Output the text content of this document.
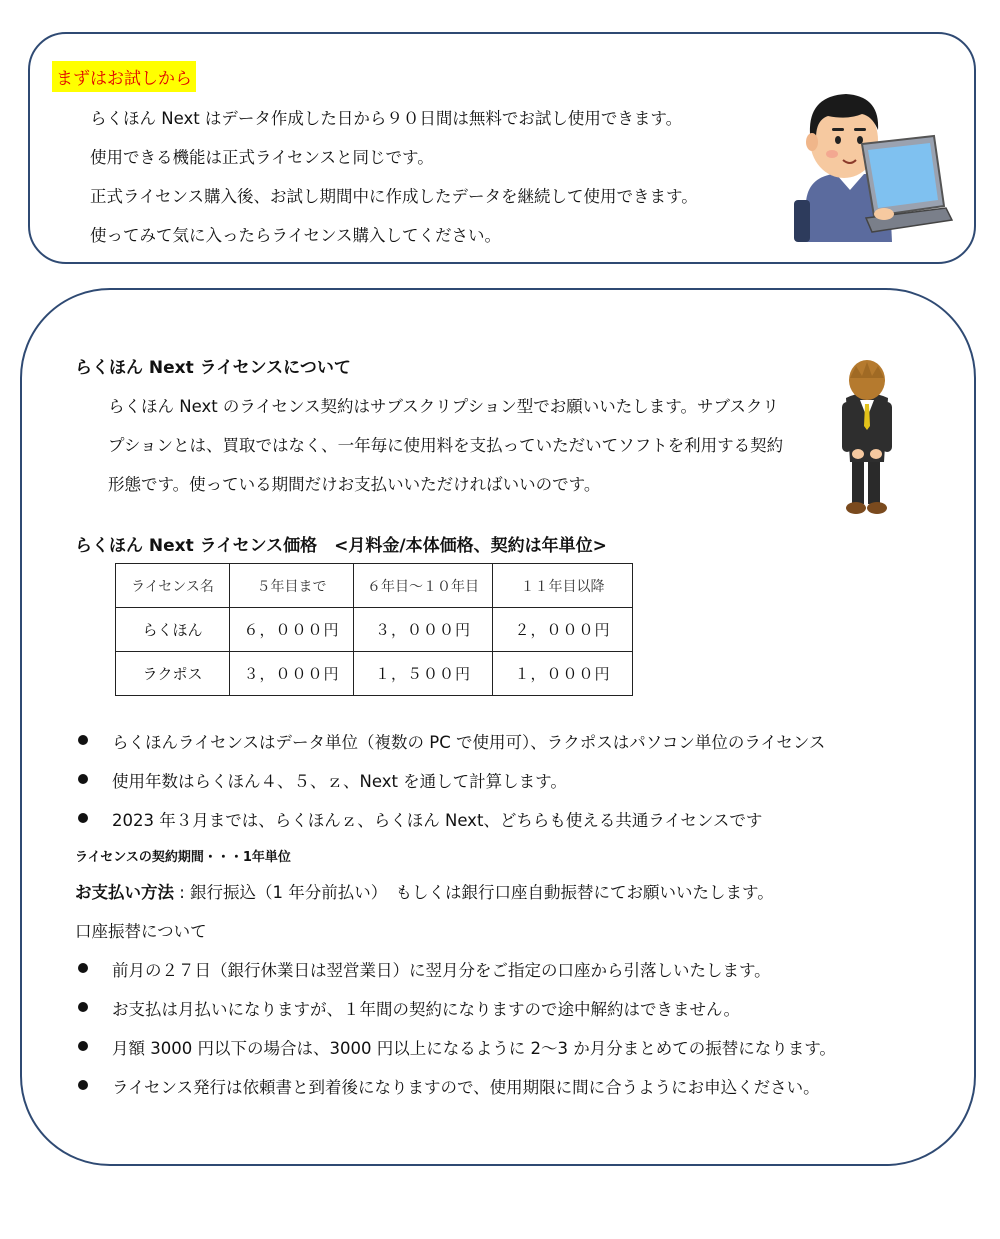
まずはお試しから
らくほん Next はデータ作成した日から９０日間は無料でお試し使用できます。
使用できる機能は正式ライセンスと同じです。
正式ライセンス購入後、お試し期間中に作成したデータを継続して使用できます。
使ってみて気に入ったらライセンス購入してください。
らくほん Next ライセンスについて
らくほん Next のライセンス契約はサブスクリプション型でお願いいたします。サブスクリ
プションとは、買取ではなく、一年毎に使用料を支払っていただいてソフトを利用する契約
形態です。使っている期間だけお支払いいただければいいのです。
らくほん Next ライセンス価格　<月料金/本体価格、契約は年単位>
ライセンス名	５年目まで	６年目～１０年目	１１年目以降
らくほん	６，０００円	３，０００円	２，０００円
ラクポス	３，０００円	１，５００円	１，０００円
らくほんライセンスはデータ単位（複数の PC で使用可）、ラクポスはパソコン単位のライセンス
使用年数はらくほん４、５、ｚ、Next を通して計算します。
2023 年３月までは、らくほんｚ、らくほん Next、どちらも使える共通ライセンスです
ライセンスの契約期間・・・1年単位
お支払い方法 : 銀行振込（1 年分前払い）　もしくは銀行口座自動振替にてお願いいたします。
口座振替について
前月の２７日（銀行休業日は翌営業日）に翌月分をご指定の口座から引落しいたします。
お支払は月払いになりますが、１年間の契約になりますので途中解約はできません。
月額 3000 円以下の場合は、3000 円以上になるように 2～3 か月分まとめての振替になります。
ライセンス発行は依頼書と到着後になりますので、使用期限に間に合うようにお申込ください。
